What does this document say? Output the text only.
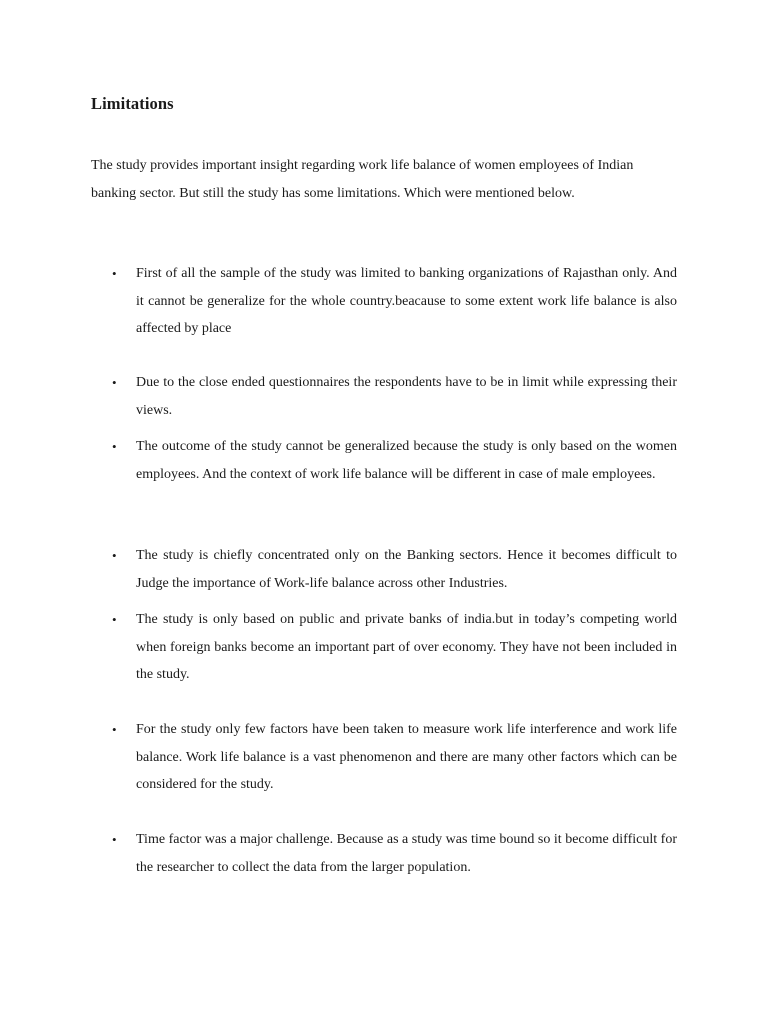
Limitations
The study provides important insight regarding work life balance of women employees of Indian banking sector. But still the study has some limitations. Which were mentioned below.
• First of all the sample of the study was limited to banking organizations of Rajasthan only. And it cannot be generalize for the whole country.beacause to some extent work life balance is also affected by place
• Due to the close ended questionnaires the respondents have to be in limit while expressing their views.
• The outcome of the study cannot be generalized because the study is only based on the women employees. And the context of work life balance will be different in case of male employees.
• The study is chiefly concentrated only on the Banking sectors. Hence it becomes difficult to Judge the importance of Work-life balance across other Industries.
• The study is only based on public and private banks of india.but in today’s competing world when foreign banks become an important part of over economy. They have not been included in the study.
• For the study only few factors have been taken to measure work life interference and work life balance. Work life balance is a vast phenomenon and there are many other factors which can be considered for the study.
• Time factor was a major challenge. Because as a study was time bound so it become difficult for the researcher to collect the data from the larger population.
